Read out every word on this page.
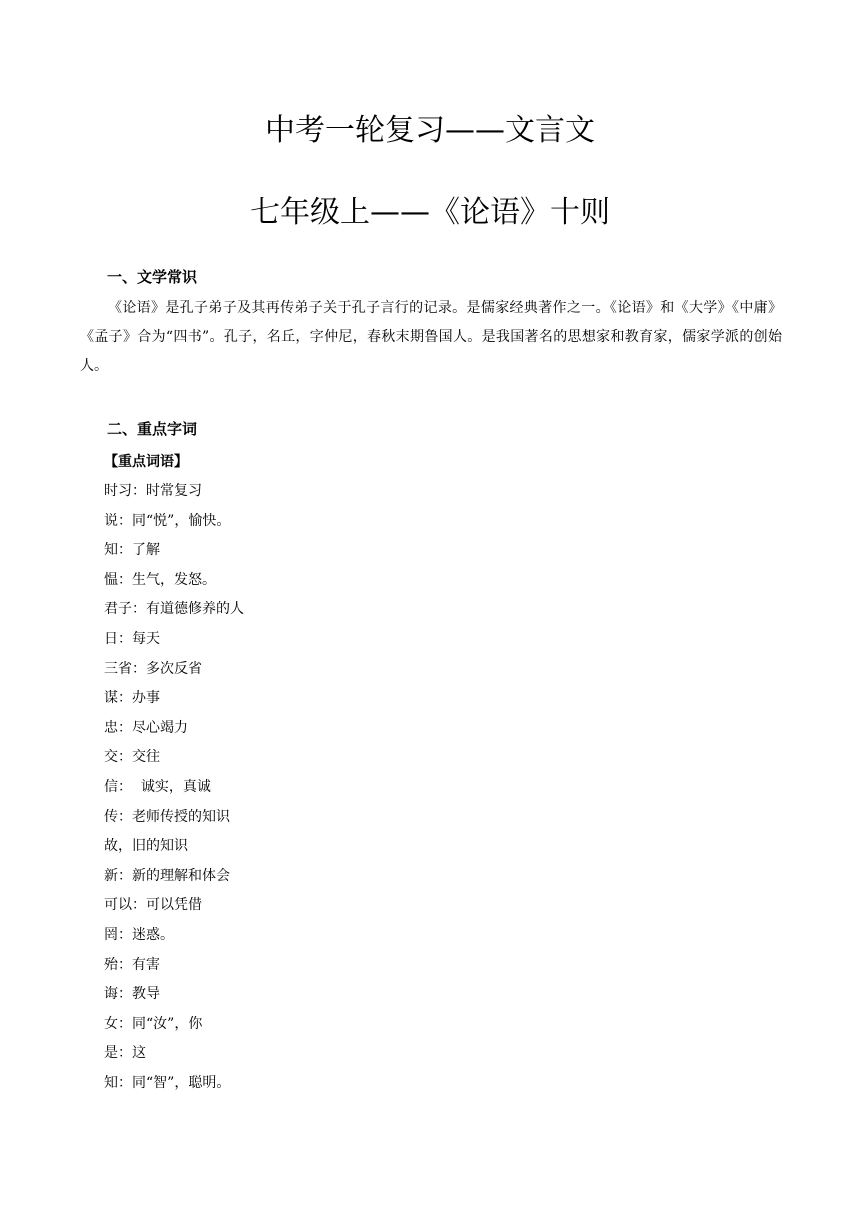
中考一轮复习——文言文
七年级上——《论语》十则
一、文学常识
《论语》是孔子弟子及其再传弟子关于孔子言行的记录。是儒家经典著作之一。《论语》和《大学》《中庸》《孟子》合为“四书”。孔子，名丘，字仲尼，春秋末期鲁国人。是我国著名的思想家和教育家，儒家学派的创始人。
二、重点字词
【重点词语】
时习：时常复习
说：同“悦”，愉快。
知：了解
愠：生气，发怒。
君子：有道德修养的人
日：每天
三省：多次反省
谋：办事
忠：尽心竭力
交：交往
信：  诚实，真诚
传：老师传授的知识
故，旧的知识
新：新的理解和体会
可以：可以凭借
罔：迷惑。
殆：有害
诲：教导
女：同“汝”，你
是：这
知：同“智”，聪明。
